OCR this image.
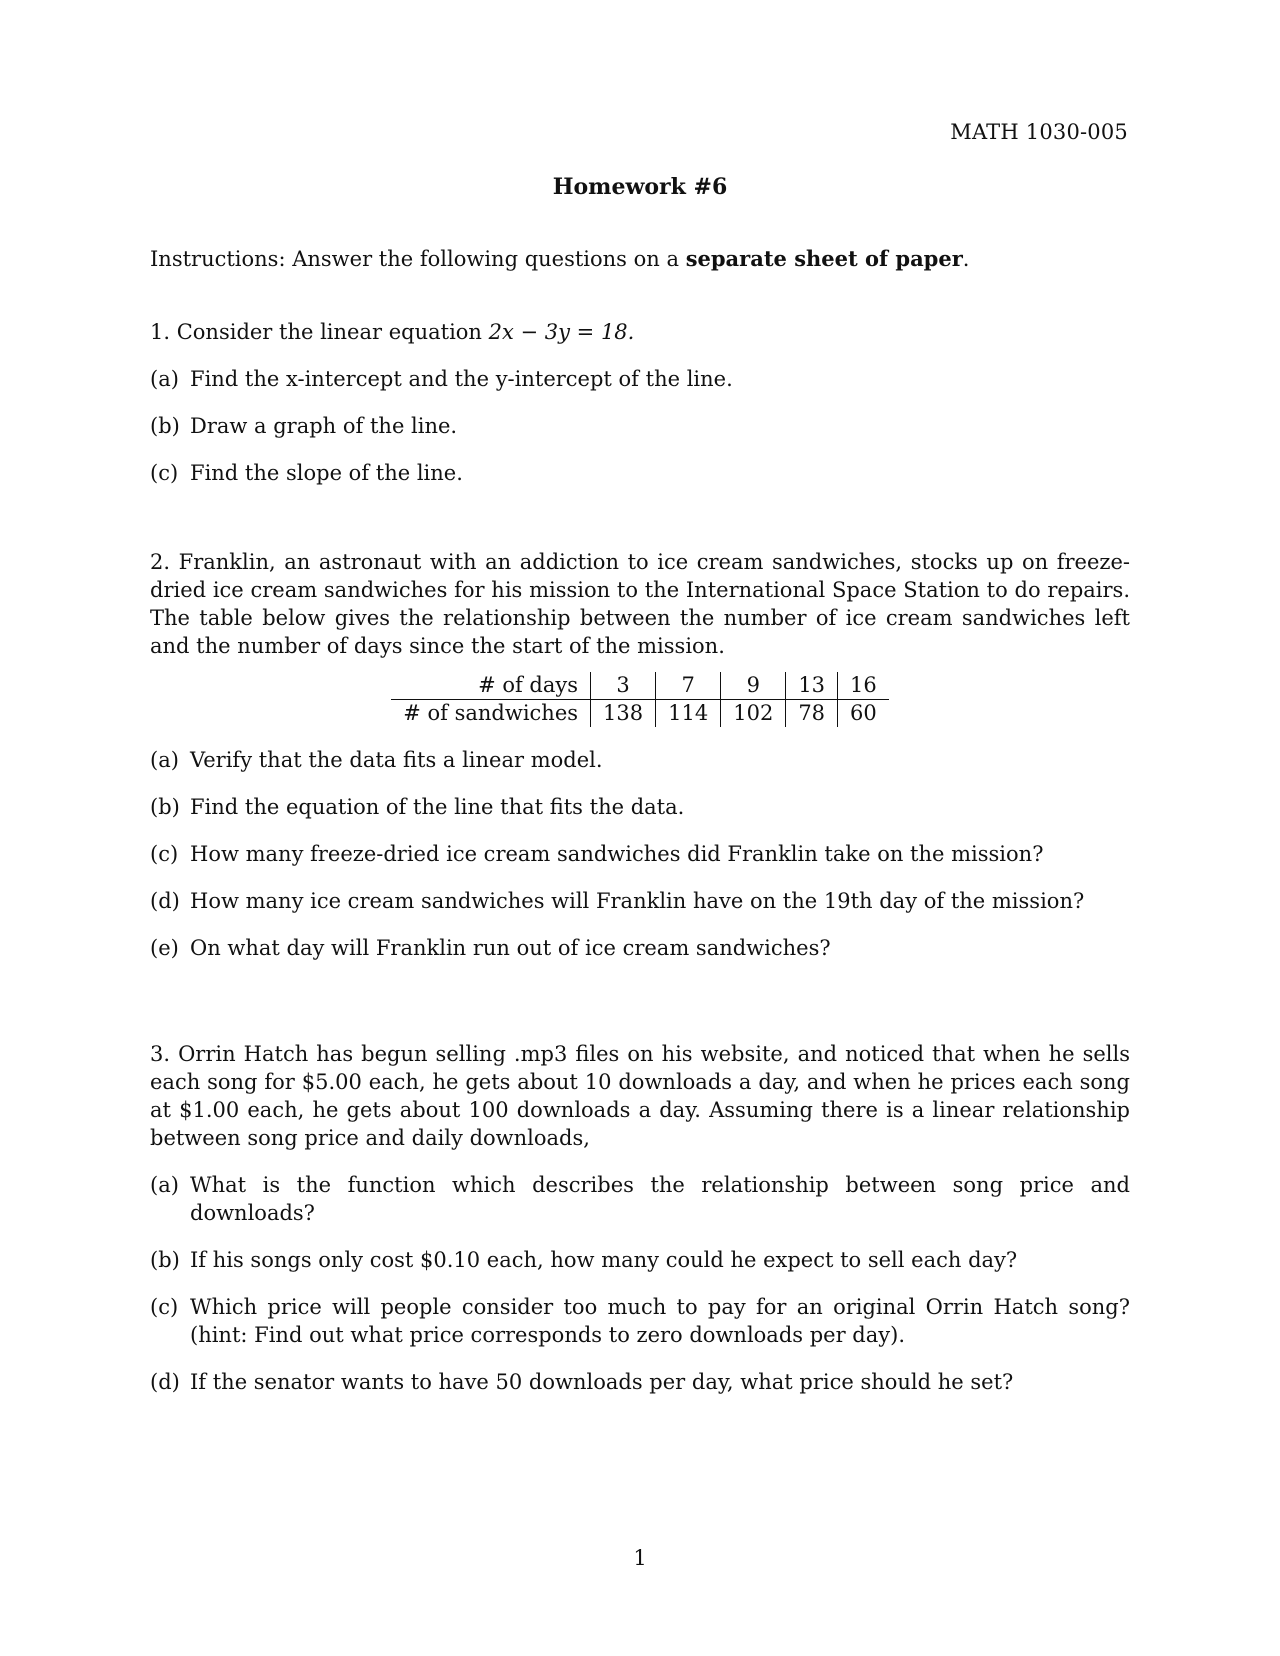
MATH 1030-005
Homework #6
Instructions: Answer the following questions on a separate sheet of paper.
1. Consider the linear equation 2x − 3y = 18.
(a) Find the x-intercept and the y-intercept of the line.
(b) Draw a graph of the line.
(c) Find the slope of the line.
2. Franklin, an astronaut with an addiction to ice cream sandwiches, stocks up on freeze-dried ice cream sandwiches for his mission to the International Space Station to do repairs. The table below gives the relationship between the number of ice cream sandwiches left and the number of days since the start of the mission.
# of days	3	7	9	13	16
# of sandwiches	138	114	102	78	60
(a) Verify that the data fits a linear model.
(b) Find the equation of the line that fits the data.
(c) How many freeze-dried ice cream sandwiches did Franklin take on the mission?
(d) How many ice cream sandwiches will Franklin have on the 19th day of the mission?
(e) On what day will Franklin run out of ice cream sandwiches?
3. Orrin Hatch has begun selling .mp3 files on his website, and noticed that when he sells each song for $5.00 each, he gets about 10 downloads a day, and when he prices each song at $1.00 each, he gets about 100 downloads a day. Assuming there is a linear relationship between song price and daily downloads,
(a) What is the function which describes the relationship between song price and downloads?
(b) If his songs only cost $0.10 each, how many could he expect to sell each day?
(c) Which price will people consider too much to pay for an original Orrin Hatch song? (hint: Find out what price corresponds to zero downloads per day).
(d) If the senator wants to have 50 downloads per day, what price should he set?
1
